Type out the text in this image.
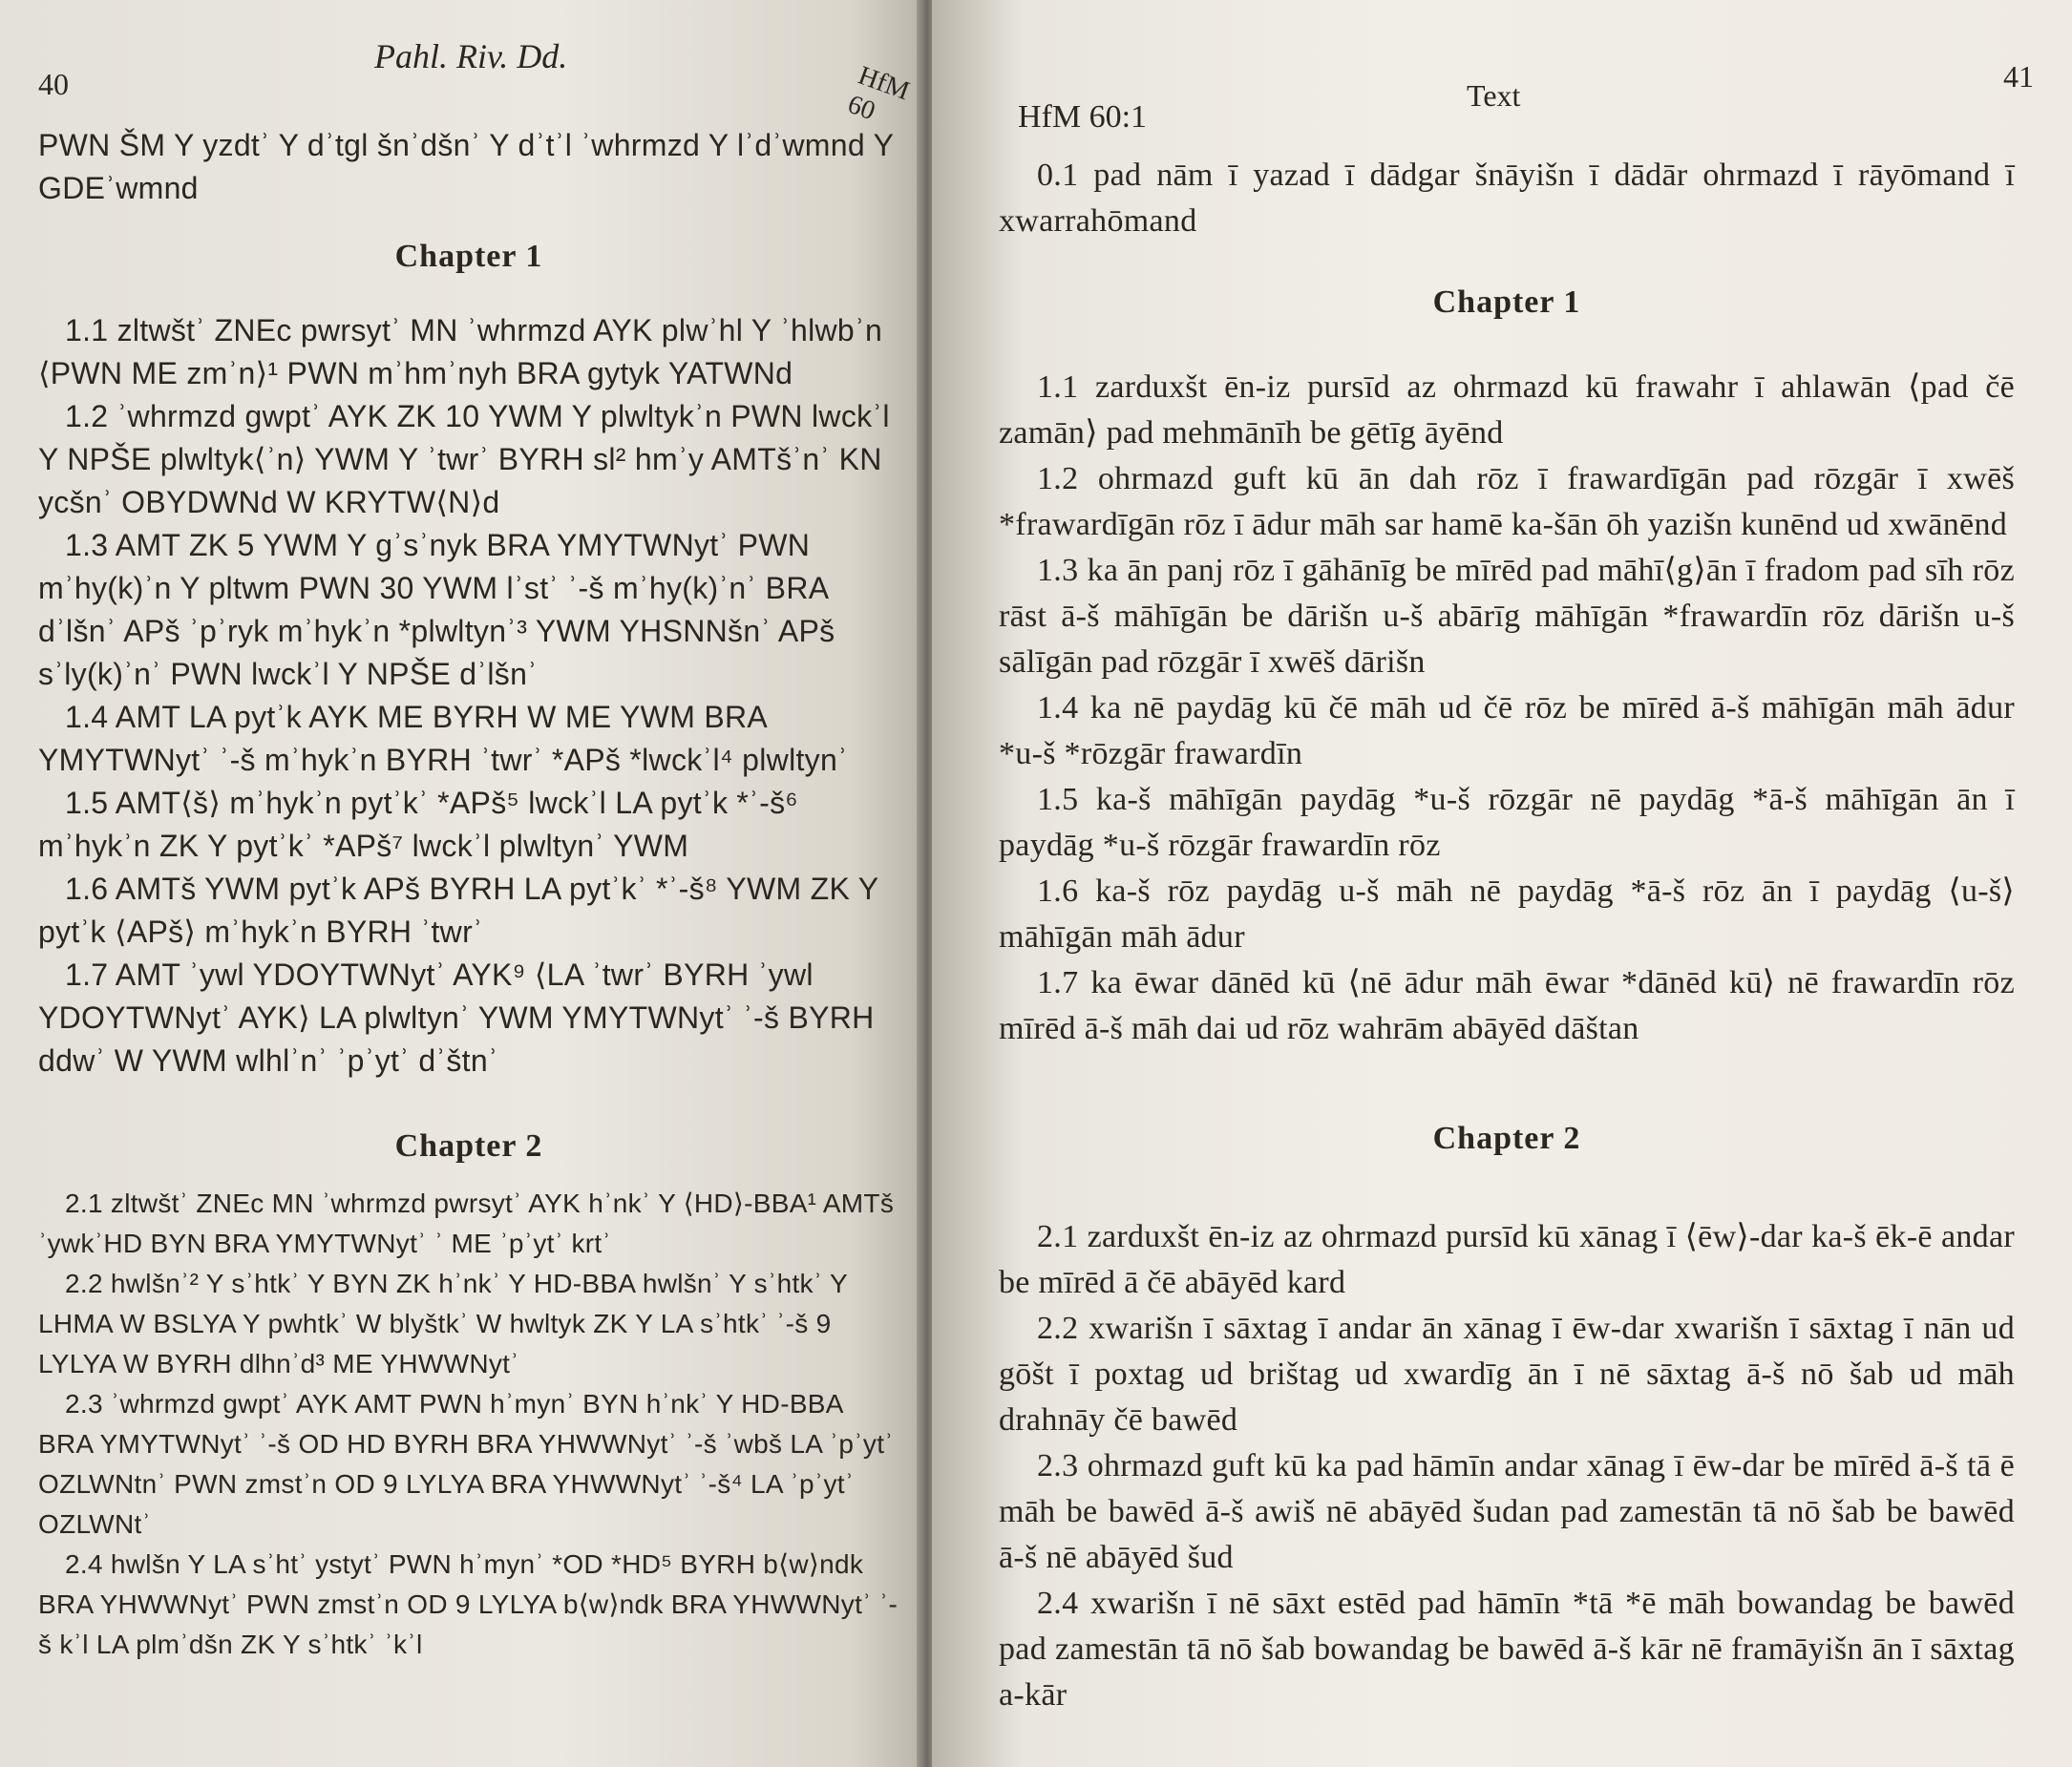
40
Pahl. Riv. Dd.
HfM 60

PWN ŠM Y yzdtʾ Y dʾtgl šnʾdšnʾ Y dʾtʾl ʾwhrmzd Y lʾdʾwmnd Y GDEʾwmnd

Chapter 1

1.1 zltwštʾ ZNEc pwrsytʾ MN ʾwhrmzd AYK plwʾhl Y ʾhlwbʾn ⟨PWN ME zmʾn⟩¹ PWN mʾhmʾnyh BRA gytyk YATWNd

1.2 ʾwhrmzd gwptʾ AYK ZK 10 YWM Y plwltykʾn PWN lwckʾl Y NPŠE plwltyk⟨ʾn⟩ YWM Y ʾtwrʾ BYRH sl² hmʾy AMTšʾnʾ KN ycšnʾ OBYDWNd W KRYTW⟨N⟩d

1.3 AMT ZK 5 YWM Y gʾsʾnyk BRA YMYTWNytʾ PWN mʾhy(k)ʾn Y pltwm PWN 30 YWM lʾstʾ ʾ-š mʾhy(k)ʾnʾ BRA dʾlšnʾ APš ʾpʾryk mʾhykʾn *plwltynʾ³ YWM YHSNNšnʾ APš sʾly(k)ʾnʾ PWN lwckʾl Y NPŠE dʾlšnʾ

1.4 AMT LA pytʾk AYK ME BYRH W ME YWM BRA YMYTWNytʾ ʾ-š mʾhykʾn BYRH ʾtwrʾ *APš *lwckʾl⁴ plwltynʾ

1.5 AMT⟨š⟩ mʾhykʾn pytʾkʾ *APš⁵ lwckʾl LA pytʾk *ʾ-š⁶ mʾhykʾn ZK Y pytʾkʾ *APš⁷ lwckʾl plwltynʾ YWM

1.6 AMTš YWM pytʾk APš BYRH LA pytʾkʾ *ʾ-š⁸ YWM ZK Y pytʾk ⟨APš⟩ mʾhykʾn BYRH ʾtwrʾ

1.7 AMT ʾywl YDOYTWNytʾ AYK⁹ ⟨LA ʾtwrʾ BYRH ʾywl YDOYTWNytʾ AYK⟩ LA plwltynʾ YWM YMYTWNytʾ ʾ-š BYRH ddwʾ W YWM wlhlʾnʾ ʾpʾytʾ dʾštnʾ

Chapter 2

2.1 zltwštʾ ZNEc MN ʾwhrmzd pwrsytʾ AYK hʾnkʾ Y ⟨HD⟩-BBA¹ AMTš ʾywkʾHD BYN BRA YMYTWNytʾ ʾ ME ʾpʾytʾ krtʾ

2.2 hwlšnʾ² Y sʾhtkʾ Y BYN ZK hʾnkʾ Y HD-BBA hwlšnʾ Y sʾhtkʾ Y LHMA W BSLYA Y pwhtkʾ W blyštkʾ W hwltyk ZK Y LA sʾhtkʾ ʾ-š 9 LYLYA W BYRH dlhnʾd³ ME YHWWNytʾ

2.3 ʾwhrmzd gwptʾ AYK AMT PWN hʾmynʾ BYN hʾnkʾ Y HD-BBA BRA YMYTWNytʾ ʾ-š OD HD BYRH BRA YHWWNytʾ ʾ-š ʾwbš LA ʾpʾytʾ OZLWNtnʾ PWN zmstʾn OD 9 LYLYA BRA YHWWNytʾ ʾ-š⁴ LA ʾpʾytʾ OZLWNtʾ

2.4 hwlšn Y LA sʾhtʾ ystytʾ PWN hʾmynʾ *OD *HD⁵ BYRH b⟨w⟩ndk BRA YHWWNytʾ PWN zmstʾn OD 9 LYLYA b⟨w⟩ndk BRA YHWWNytʾ ʾ-š kʾl LA plmʾdšn ZK Y sʾhtkʾ ʾkʾl

HfM 60:1
Text
41

0.1 pad nām ī yazad ī dādgar šnāyišn ī dādār ohrmazd ī rāyōmand ī xwarrahōmand

Chapter 1

1.1 zarduxšt ēn-iz pursīd az ohrmazd kū frawahr ī ahlawān ⟨pad čē zamān⟩ pad mehmānīh be gētīg āyēnd

1.2 ohrmazd guft kū ān dah rōz ī frawardīgān pad rōzgār ī xwēš *frawardīgān rōz ī ādur māh sar hamē ka-šān ōh yazišn kunēnd ud xwānēnd

1.3 ka ān panj rōz ī gāhānīg be mīrēd pad māhī⟨g⟩ān ī fradom pad sīh rōz rāst ā-š māhīgān be dārišn u-š abārīg māhīgān *frawardīn rōz dārišn u-š sālīgān pad rōzgār ī xwēš dārišn

1.4 ka nē paydāg kū čē māh ud čē rōz be mīrēd ā-š māhīgān māh ādur *u-š *rōzgār frawardīn

1.5 ka-š māhīgān paydāg *u-š rōzgār nē paydāg *ā-š māhīgān ān ī paydāg *u-š rōzgār frawardīn rōz

1.6 ka-š rōz paydāg u-š māh nē paydāg *ā-š rōz ān ī paydāg ⟨u-š⟩ māhīgān māh ādur

1.7 ka ēwar dānēd kū ⟨nē ādur māh ēwar *dānēd kū⟩ nē frawardīn rōz mīrēd ā-š māh dai ud rōz wahrām abāyēd dāštan

Chapter 2

2.1 zarduxšt ēn-iz az ohrmazd pursīd kū xānag ī ⟨ēw⟩-dar ka-š ēk-ē andar be mīrēd ā čē abāyēd kard

2.2 xwarišn ī sāxtag ī andar ān xānag ī ēw-dar xwarišn ī sāxtag ī nān ud gōšt ī poxtag ud brištag ud xwardīg ān ī nē sāxtag ā-š nō šab ud māh drahnāy čē bawēd

2.3 ohrmazd guft kū ka pad hāmīn andar xānag ī ēw-dar be mīrēd ā-š tā ē māh be bawēd ā-š awiš nē abāyēd šudan pad zamestān tā nō šab be bawēd ā-š nē abāyēd šud

2.4 xwarišn ī nē sāxt estēd pad hāmīn *tā *ē māh bowandag be bawēd pad zamestān tā nō šab bowandag be bawēd ā-š kār nē framāyišn ān ī sāxtag a-kār
